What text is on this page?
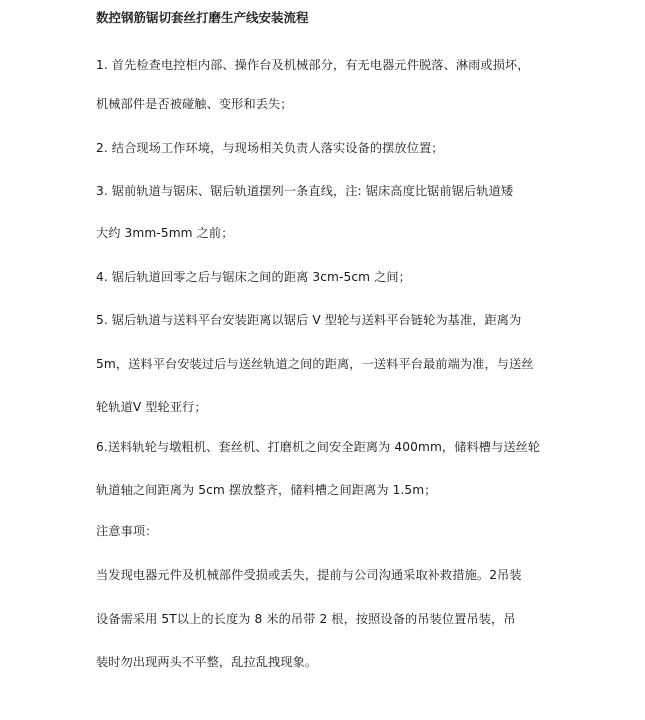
数控钢筋锯切套丝打磨生产线安装流程
1. 首先检查电控柜内部、操作台及机械部分，有无电器元件脱落、淋雨或损坏，
机械部件是否被碰触、变形和丢失；
2. 结合现场工作环境，与现场相关负责人落实设备的摆放位置；
3. 锯前轨道与锯床、锯后轨道摆列一条直线，注: 锯床高度比锯前锯后轨道矮
大约 3mm-5mm 之前；
4. 锯后轨道回零之后与锯床之间的距离 3cm-5cm 之间；
5. 锯后轨道与送料平台安装距离以锯后 V 型轮与送料平台链轮为基准，距离为
5m，送料平台安装过后与送丝轨道之间的距离，一送料平台最前端为准，与送丝
轮轨道V 型轮亚行；
6.送料轨轮与墩粗机、套丝机、打磨机之间安全距离为 400mm，储料槽与送丝轮
轨道轴之间距离为 5cm 摆放整齐，储料槽之间距离为 1.5m；
注意事项：
当发现电器元件及机械部件受损或丢失，提前与公司沟通采取补救措施。2吊装
设备需采用 5T以上的长度为 8 米的吊带 2 根，按照设备的吊装位置吊装，吊
装时勿出现两头不平整，乱拉乱拽现象。
